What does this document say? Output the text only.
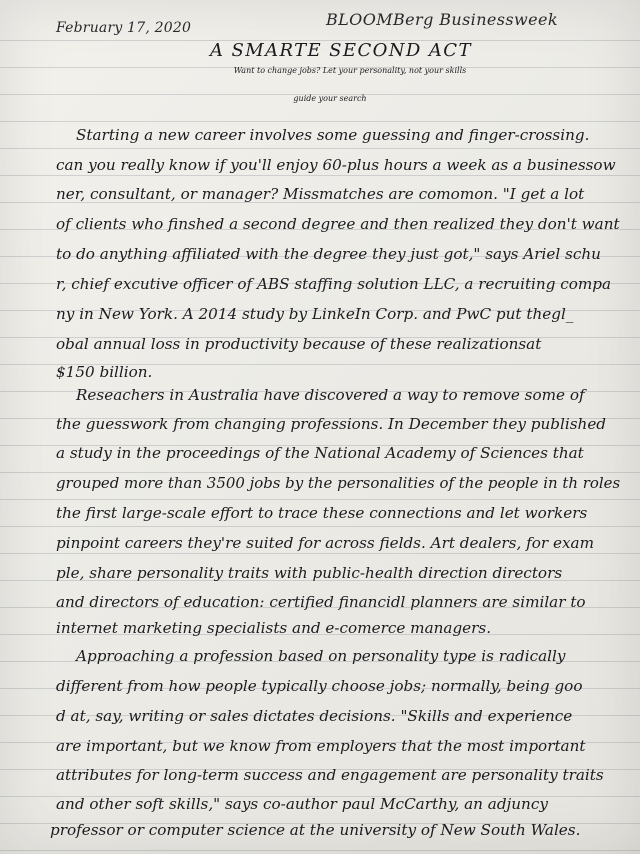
February 17, 2020	BLOOMBerg Businessweek
A SMARTE SECOND ACT
Want to change jobs? Let your personality, not your skills
guide your search
Starting a new career involves some guessing and finger-crossing.
can you really know if you'll enjoy 60-plus hours a week as a businessow
ner, consultant, or manager? Missmatches are comomon. "I get a lot
of clients who finshed a second degree and then realized they don't want
to do anything affiliated with the degree they just got," says Ariel schu
r, chief excutive officer of ABS staffing solution LLC, a recruiting compa
ny in New York. A 2014 study by LinkeIn Corp. and PwC put thegl_
obal annual loss in productivity because of these realizationsat
$150 billion.
Reseachers in Australia have discovered a way to remove some of
the guesswork from changing professions. In December they published
a study in the proceedings of the National Academy of Sciences that
grouped more than 3500 jobs by the personalities of the people in th roles
the first large-scale effort to trace these connections and let workers
pinpoint careers they're suited for across fields. Art dealers, for exam
ple, share personality traits with public-health direction directors
and directors of education: certified financidl planners are similar to
internet marketing specialists and e-comerce managers.
Approaching a profession based on personality type is radically
different from how people typically choose jobs; normally, being goo
d at, say, writing or sales dictates decisions. "Skills and experience
are important, but we know from employers that the most important
attributes for long-term success and engagement are personality traits
and other soft skills," says co-author paul McCarthy, an adjuncy
professor or computer science at the university of New South Wales.
